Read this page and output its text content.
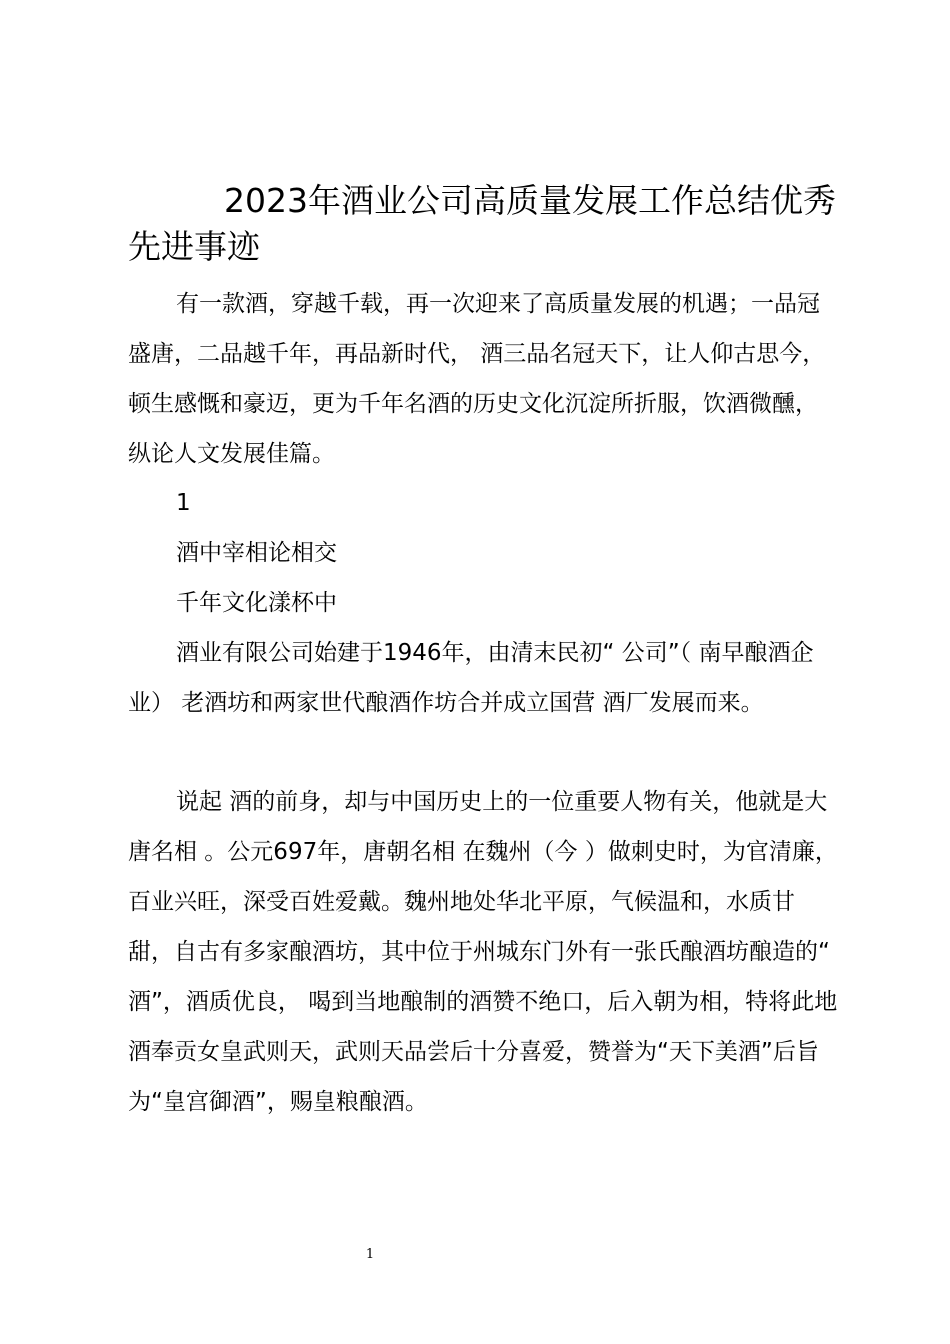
2023年酒业公司高质量发展工作总结优秀先进事迹

有一款酒，穿越千载，再一次迎来了高质量发展的机遇；一品冠盛唐，二品越千年，再品新时代， 酒三品名冠天下，让人仰古思今，顿生感慨和豪迈，更为千年名酒的历史文化沉淀所折服，饮酒微醺，纵论人文发展佳篇。

1

酒中宰相论相交

千年文化漾杯中

酒业有限公司始建于1946年，由清末民初“ 公司”（ 南早酿酒企业） 老酒坊和两家世代酿酒作坊合并成立国营 酒厂发展而来。

说起 酒的前身，却与中国历史上的一位重要人物有关，他就是大唐名相 。公元697年，唐朝名相 在魏州（今 ）做刺史时，为官清廉，百业兴旺，深受百姓爱戴。魏州地处华北平原，气候温和，水质甘甜，自古有多家酿酒坊，其中位于州城东门外有一张氏酿酒坊酿造的“ 酒”，酒质优良， 喝到当地酿制的酒赞不绝口，后入朝为相，特将此地酒奉贡女皇武则天，武则天品尝后十分喜爱，赞誉为“天下美酒”后旨为“皇宫御酒”，赐皇粮酿酒。

1
